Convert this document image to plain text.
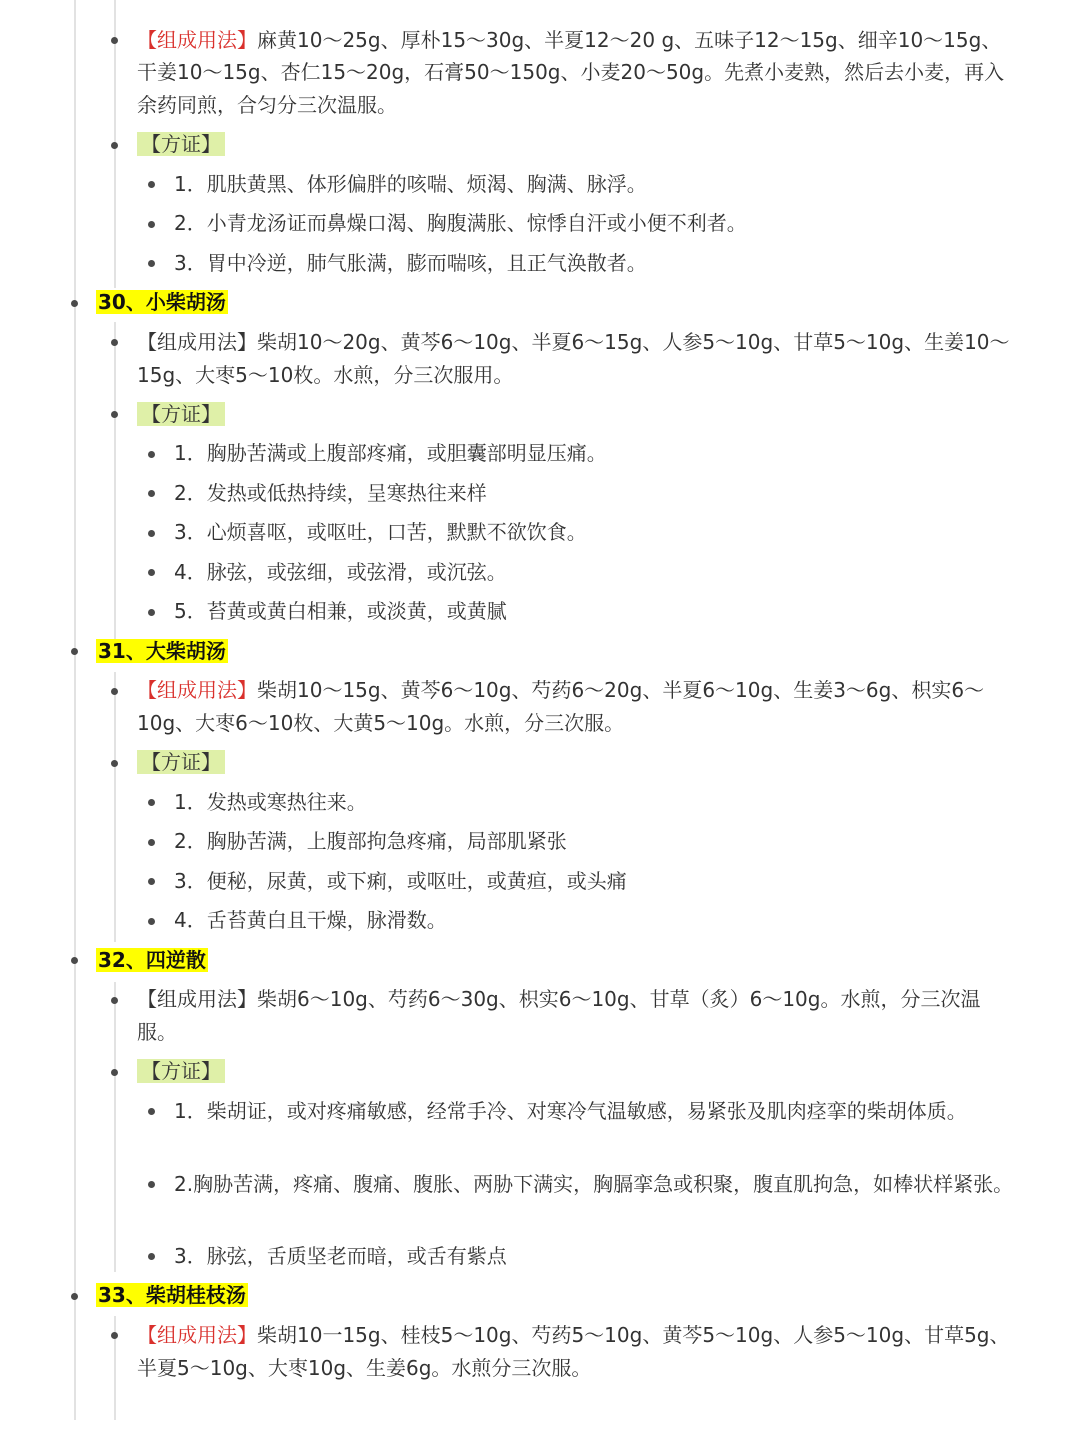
【组成用法】麻黄10～25g、厚朴15～30g、半夏12～20 g、五味子12～15g、细辛10～15g、
干姜10～15g、杏仁15～20g，石膏50～150g、小麦20～50g。先煮小麦熟，然后去小麦，再入
余药同煎，合匀分三次温服。
【方证】
1．肌肤黄黑、体形偏胖的咳喘、烦渴、胸满、脉浮。
2．小青龙汤证而鼻燥口渴、胸腹满胀、惊悸自汗或小便不利者。
3．胃中冷逆，肺气胀满，膨而喘咳，且正气涣散者。
30、小柴胡汤
【组成用法】柴胡10～20g、黄芩6～10g、半夏6～15g、人参5～10g、甘草5～10g、生姜10～
15g、大枣5～10枚。水煎，分三次服用。
【方证】
1．胸胁苦满或上腹部疼痛，或胆囊部明显压痛。
2．发热或低热持续，呈寒热往来样
3．心烦喜呕，或呕吐，口苦，默默不欲饮食。
4．脉弦，或弦细，或弦滑，或沉弦。
5．苔黄或黄白相兼，或淡黄，或黄腻
31、大柴胡汤
【组成用法】柴胡10～15g、黄芩6～10g、芍药6～20g、半夏6～10g、生姜3～6g、枳实6～
10g、大枣6～10枚、大黄5～10g。水煎，分三次服。
【方证】
1．发热或寒热往来。
2．胸胁苦满，上腹部拘急疼痛，局部肌紧张
3．便秘，尿黄，或下痢，或呕吐，或黄疸，或头痛
4．舌苔黄白且干燥，脉滑数。
32、四逆散
【组成用法】柴胡6～10g、芍药6～30g、枳实6～10g、甘草（炙）6～10g。水煎，分三次温
服。
【方证】
1．柴胡证，或对疼痛敏感，经常手冷、对寒冷气温敏感，易紧张及肌肉痉挛的柴胡体质。
2.胸胁苦满，疼痛、腹痛、腹胀、两胁下满实，胸膈挛急或积聚，腹直肌拘急，如棒状样紧张。
3．脉弦，舌质坚老而暗，或舌有紫点
33、柴胡桂枝汤
【组成用法】柴胡10一15g、桂枝5～10g、芍药5～10g、黄芩5～10g、人参5～10g、甘草5g、
半夏5～10g、大枣10g、生姜6g。水煎分三次服。
